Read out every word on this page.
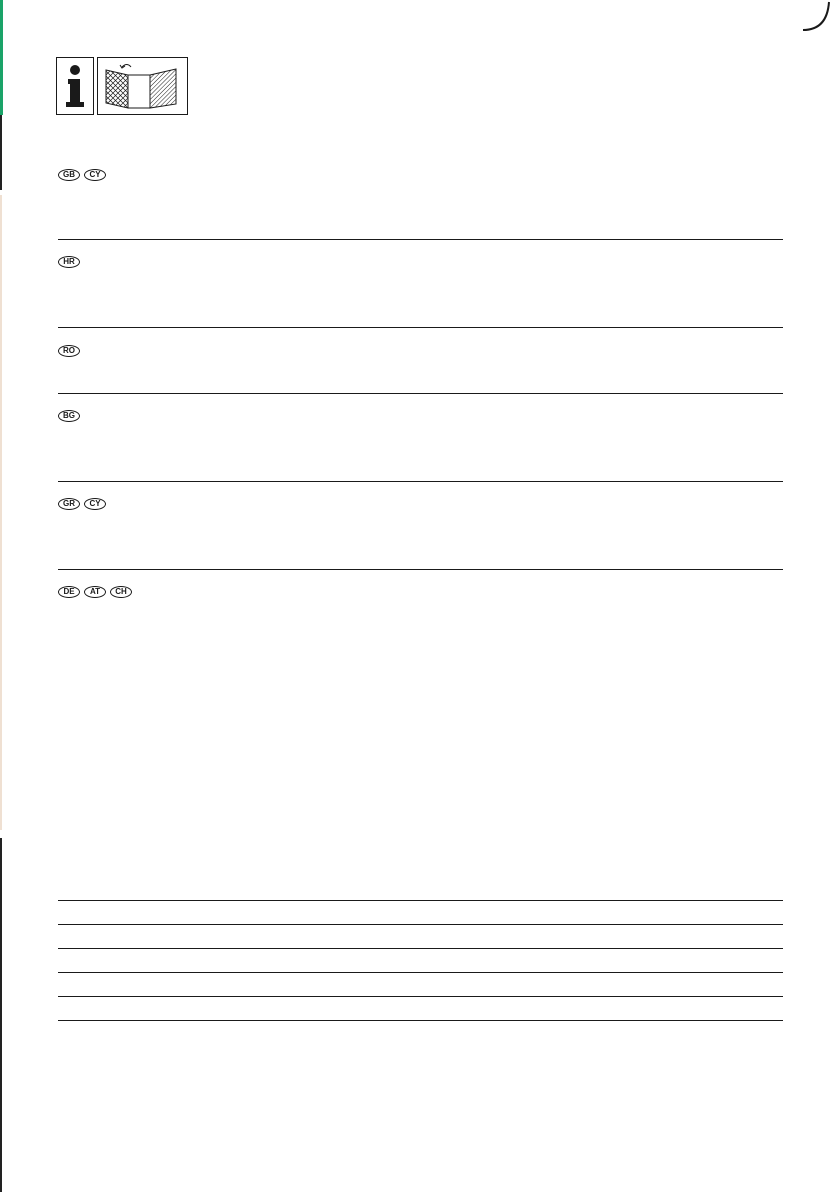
GB	CY
HR
RO
BG
GR	CY
DE	AT	CH
